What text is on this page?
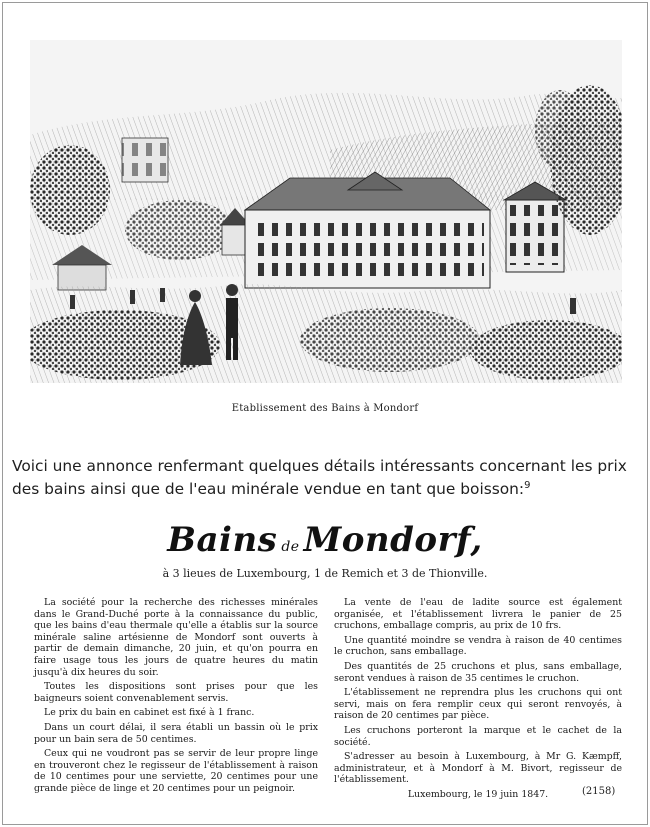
Etablissement des Bains à Mondorf
Voici une annonce renfermant quelques détails intéressants concernant les prix
des bains ainsi que de l'eau minérale vendue en tant que boisson:$^9$
Bains de Mondorf,
à 3 lieues de Luxembourg, 1 de Remich et 3 de Thionville.

La société pour la recherche des richesses minérales dans le Grand-Duché porte à la connaissance du public, que les bains d'eau thermale qu'elle a établis sur la source minérale saline artésienne de Mondorf sont ouverts à partir de demain dimanche, 20 juin, et qu'on pourra en faire usage tous les jours de quatre heures du matin jusqu'à dix heures du soir.

Toutes les dispositions sont prises pour que les baigneurs soient convenablement servis.

Le prix du bain en cabinet est fixé à 1 franc.

Dans un court délai, il sera établi un bassin où le prix pour un bain sera de 50 centimes.

Ceux qui ne voudront pas se servir de leur propre linge en trouveront chez le regisseur de l'établissement à raison de 10 centimes pour une serviette, 20 centimes pour une grande pièce de linge et 20 centimes pour un peignoir.

La vente de l'eau de ladite source est également organisée, et l'établissement livrera le panier de 25 cruchons, emballage compris, au prix de 10 frs.

Une quantité moindre se vendra à raison de 40 centimes le cruchon, sans emballage.

Des quantités de 25 cruchons et plus, sans emballage, seront vendues à raison de 35 centimes le cruchon.

L'établissement ne reprendra plus les cruchons qui ont servi, mais on fera remplir ceux qui seront renvoyés, à raison de 20 centimes par pièce.

Les cruchons porteront la marque et le cachet de la société.

S'adresser au besoin à Luxembourg, à Mr G. Kæmpff, administrateur, et à Mondorf à M. Bivort, regisseur de l'établissement.

Luxembourg, le 19 juin 1847.	(2158)
